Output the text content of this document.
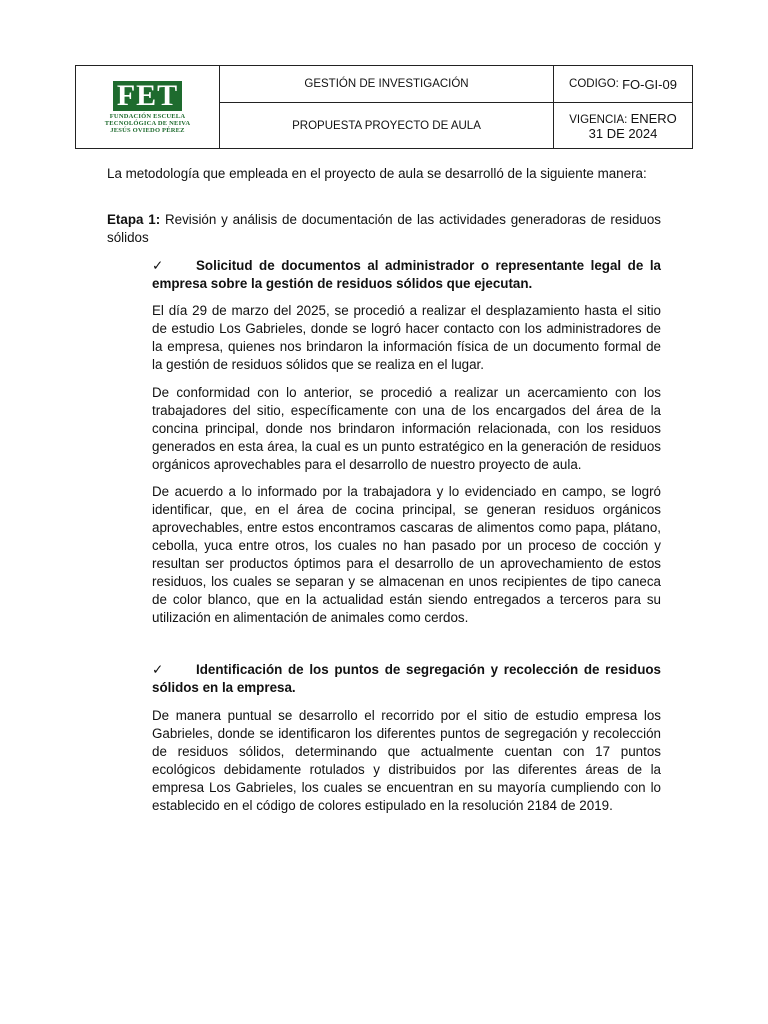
FET
FUNDACIÓN ESCUELA
TECNOLÓGICA DE NEIVA
JESÚS OVIEDO PÉREZ
GESTIÓN DE INVESTIGACIÓN
PROPUESTA PROYECTO DE AULA
CODIGO:
FO-GI-09
VIGENCIA: ENERO
31 DE 2024

La metodología que empleada en el proyecto de aula se desarrolló de la siguiente manera:

Etapa 1: Revisión y análisis de documentación de las actividades generadoras de residuos sólidos

✓ Solicitud de documentos al administrador o representante legal de la empresa sobre la gestión de residuos sólidos que ejecutan.

El día 29 de marzo del 2025, se procedió a realizar el desplazamiento hasta el sitio de estudio Los Gabrieles, donde se logró hacer contacto con los administradores de la empresa, quienes nos brindaron la información física de un documento formal de la gestión de residuos sólidos que se realiza en el lugar.

De conformidad con lo anterior, se procedió a realizar un acercamiento con los trabajadores del sitio, específicamente con una de los encargados del área de la concina principal, donde nos brindaron información relacionada, con los residuos generados en esta área, la cual es un punto estratégico en la generación de residuos orgánicos aprovechables para el desarrollo de nuestro proyecto de aula.

De acuerdo a lo informado por la trabajadora y lo evidenciado en campo, se logró identificar, que, en el área de cocina principal, se generan residuos orgánicos aprovechables, entre estos encontramos cascaras de alimentos como papa, plátano, cebolla, yuca entre otros, los cuales no han pasado por un proceso de cocción y resultan ser productos óptimos para el desarrollo de un aprovechamiento de estos residuos, los cuales se separan y se almacenan en unos recipientes de tipo caneca de color blanco, que en la actualidad están siendo entregados a terceros para su utilización en alimentación de animales como cerdos.

✓ Identificación de los puntos de segregación y recolección de residuos sólidos en la empresa.

De manera puntual se desarrollo el recorrido por el sitio de estudio empresa los Gabrieles, donde se identificaron los diferentes puntos de segregación y recolección de residuos sólidos, determinando que actualmente cuentan con 17 puntos ecológicos debidamente rotulados y distribuidos por las diferentes áreas de la empresa Los Gabrieles, los cuales se encuentran en su mayoría cumpliendo con lo establecido en el código de colores estipulado en la resolución 2184 de 2019.
